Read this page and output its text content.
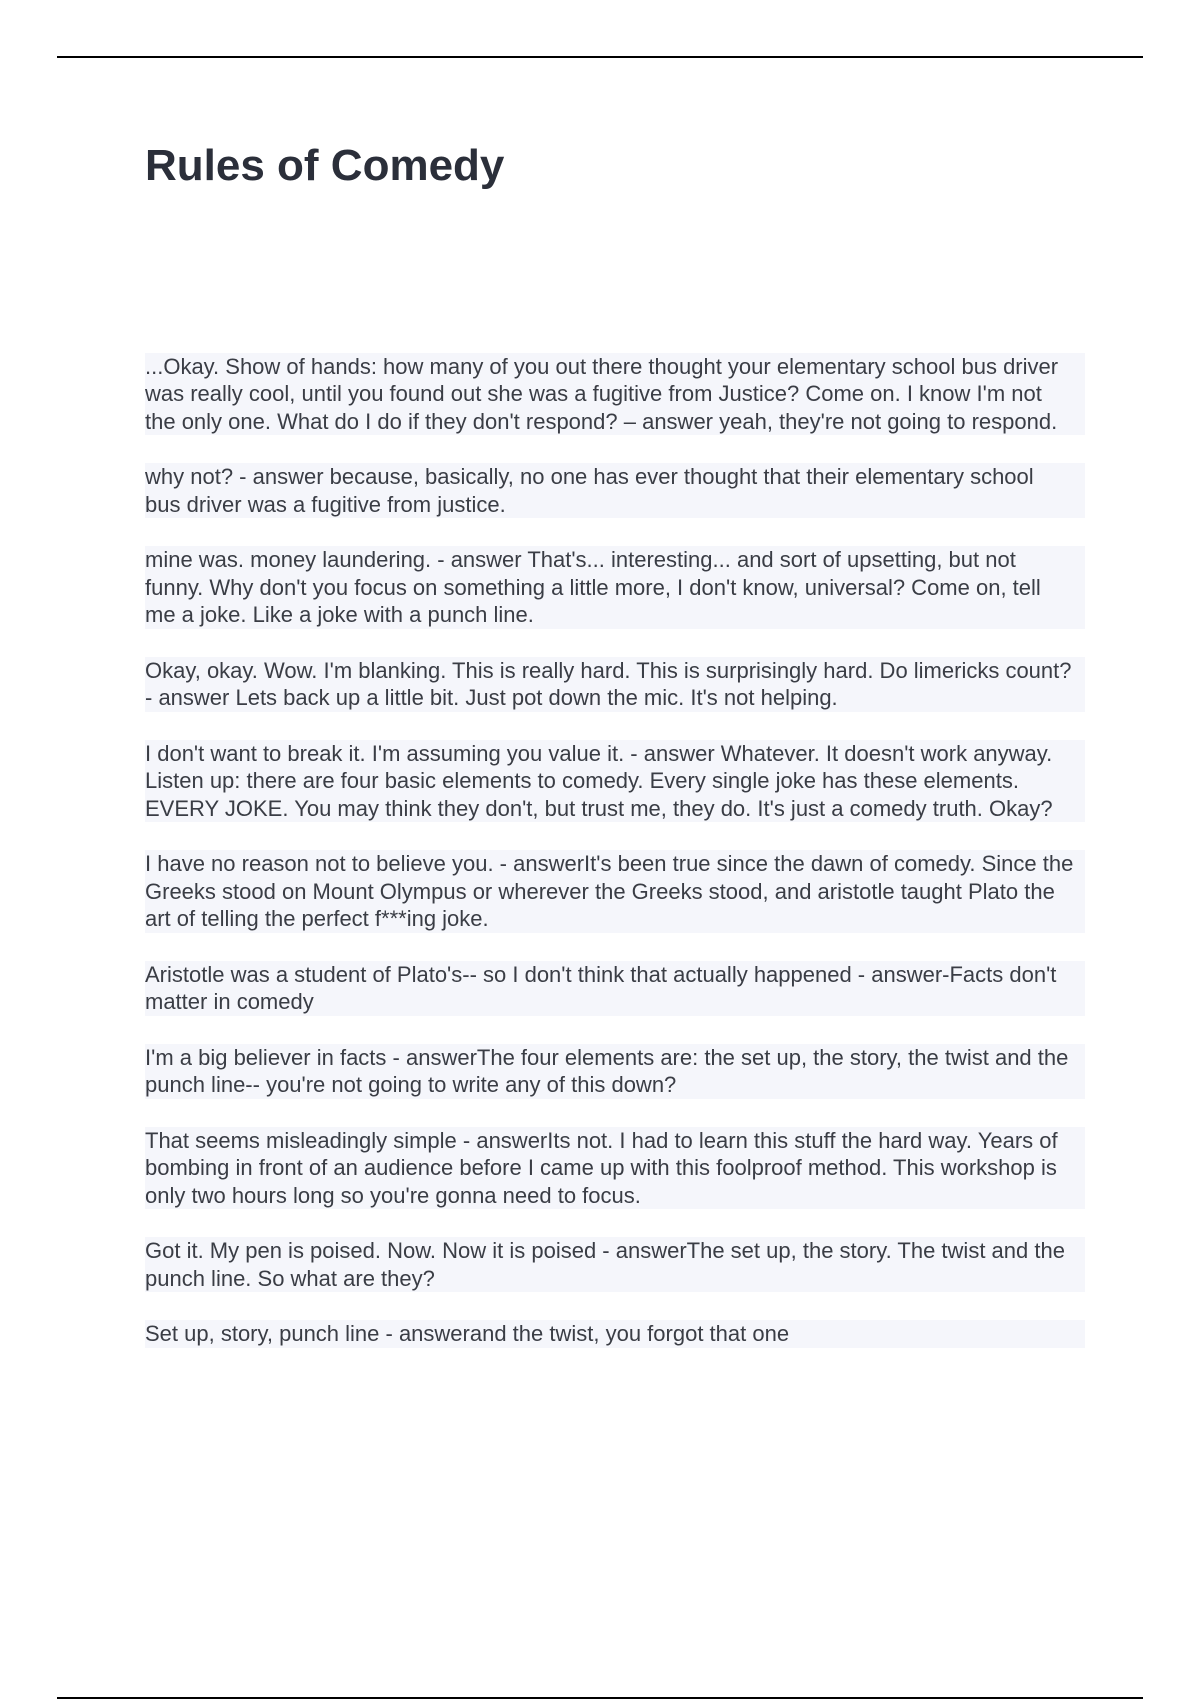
Rules of Comedy

...Okay. Show of hands: how many of you out there thought your elementary school bus driver was really cool, until you found out she was a fugitive from Justice? Come on. I know I'm not the only one. What do I do if they don't respond? – answer yeah, they're not going to respond.

why not? - answer because, basically, no one has ever thought that their elementary school bus driver was a fugitive from justice.

mine was. money laundering. - answer That's... interesting... and sort of upsetting, but not funny. Why don't you focus on something a little more, I don't know, universal? Come on, tell me a joke. Like a joke with a punch line.

Okay, okay. Wow. I'm blanking. This is really hard. This is surprisingly hard. Do limericks count? - answer Lets back up a little bit. Just pot down the mic. It's not helping.

I don't want to break it. I'm assuming you value it. - answer Whatever. It doesn't work anyway. Listen up: there are four basic elements to comedy. Every single joke has these elements. EVERY JOKE. You may think they don't, but trust me, they do. It's just a comedy truth. Okay?

I have no reason not to believe you. - answerIt's been true since the dawn of comedy. Since the Greeks stood on Mount Olympus or wherever the Greeks stood, and aristotle taught Plato the art of telling the perfect f***ing joke.

Aristotle was a student of Plato's-- so I don't think that actually happened - answer-Facts don't matter in comedy

I'm a big believer in facts - answerThe four elements are: the set up, the story, the twist and the punch line-- you're not going to write any of this down?

That seems misleadingly simple - answerIts not. I had to learn this stuff the hard way. Years of bombing in front of an audience before I came up with this foolproof method. This workshop is only two hours long so you're gonna need to focus.

Got it. My pen is poised. Now. Now it is poised - answerThe set up, the story. The twist and the punch line. So what are they?

Set up, story, punch line - answerand the twist, you forgot that one
